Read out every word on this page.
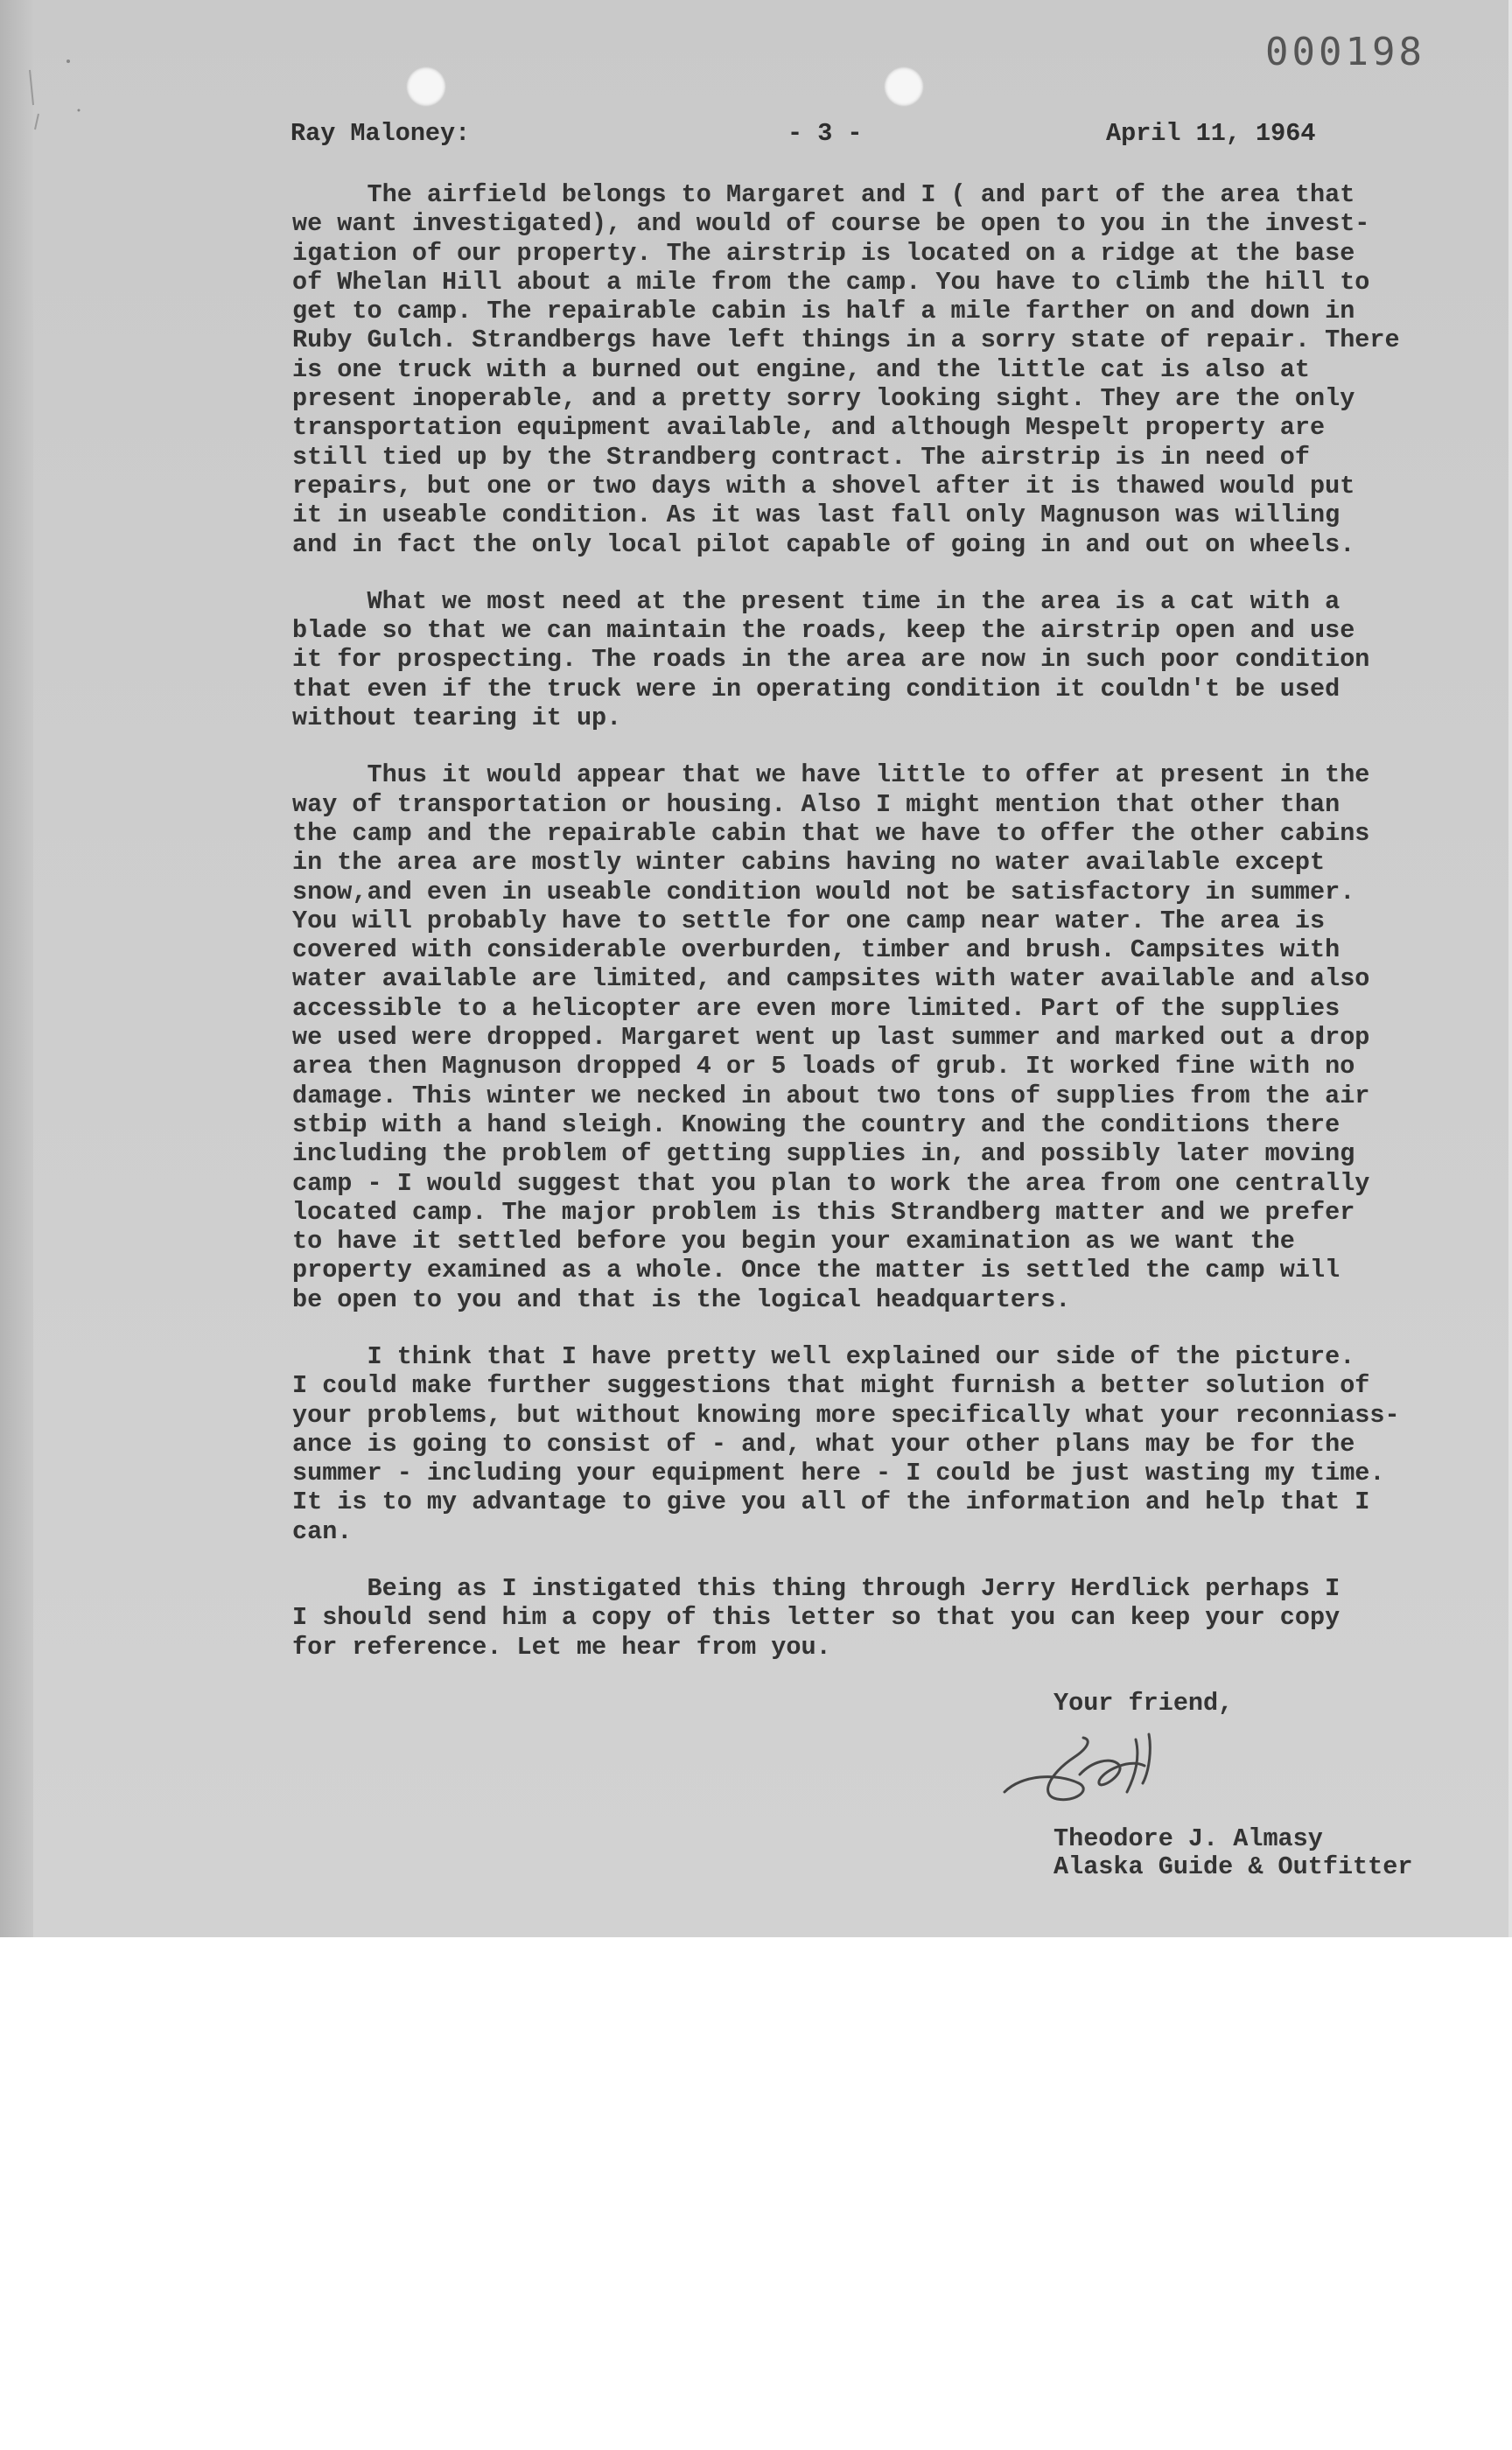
000198
Ray Maloney:	- 3 -	April 11, 1964

The airfield belongs to Margaret and I ( and part of the area that
we want investigated), and would of course be open to you in the invest-
igation of our property. The airstrip is located on a ridge at the base
of Whelan Hill about a mile from the camp. You have to climb the hill to
get to camp. The repairable cabin is half a mile farther on and down in
Ruby Gulch. Strandbergs have left things in a sorry state of repair. There
is one truck with a burned out engine, and the little cat is also at
present inoperable, and a pretty sorry looking sight. They are the only
transportation equipment available, and although Mespelt property are
still tied up by the Strandberg contract. The airstrip is in need of
repairs, but one or two days with a shovel after it is thawed would put
it in useable condition. As it was last fall only Magnuson was willing
and in fact the only local pilot capable of going in and out on wheels.

What we most need at the present time in the area is a cat with a
blade so that we can maintain the roads, keep the airstrip open and use
it for prospecting. The roads in the area are now in such poor condition
that even if the truck were in operating condition it couldn't be used
without tearing it up.

Thus it would appear that we have little to offer at present in the
way of transportation or housing. Also I might mention that other than
the camp and the repairable cabin that we have to offer the other cabins
in the area are mostly winter cabins having no water available except
snow,and even in useable condition would not be satisfactory in summer.
You will probably have to settle for one camp near water. The area is
covered with considerable overburden, timber and brush. Campsites with
water available are limited, and campsites with water available and also
accessible to a helicopter are even more limited. Part of the supplies
we used were dropped. Margaret went up last summer and marked out a drop
area then Magnuson dropped 4 or 5 loads of grub. It worked fine with no
damage. This winter we necked in about two tons of supplies from the air
stbip with a hand sleigh. Knowing the country and the conditions there
including the problem of getting supplies in, and possibly later moving
camp - I would suggest that you plan to work the area from one centrally
located camp. The major problem is this Strandberg matter and we prefer
to have it settled before you begin your examination as we want the
property examined as a whole. Once the matter is settled the camp will
be open to you and that is the logical headquarters.

I think that I have pretty well explained our side of the picture.
I could make further suggestions that might furnish a better solution of
your problems, but without knowing more specifically what your reconniass-
ance is going to consist of - and, what your other plans may be for the
summer - including your equipment here - I could be just wasting my time.
It is to my advantage to give you all of the information and help that I
can.

Being as I instigated this thing through Jerry Herdlick perhaps I
I should send him a copy of this letter so that you can keep your copy
for reference. Let me hear from you.

Your friend,
Theodore J. Almasy
Alaska Guide & Outfitter
